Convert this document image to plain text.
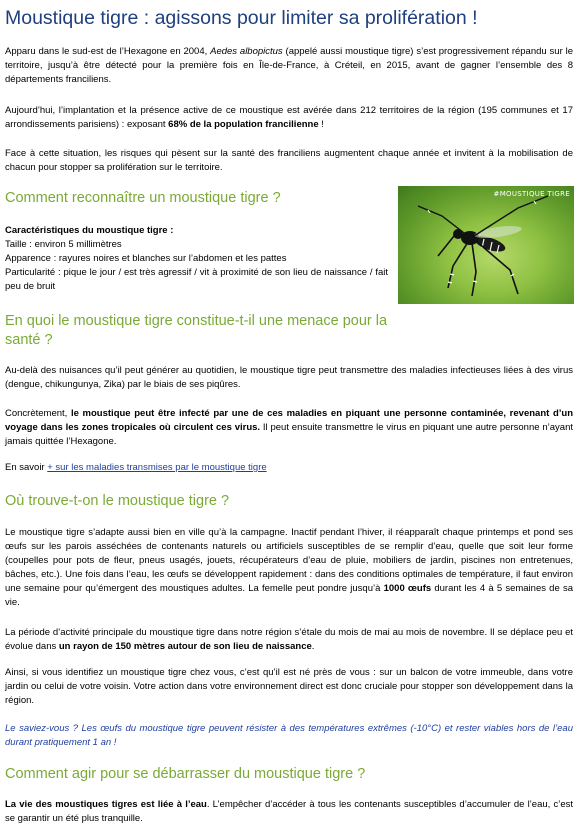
Moustique tigre : agissons pour limiter sa prolifération !

Apparu dans le sud-est de l’Hexagone en 2004, Aedes albopictus (appelé aussi moustique tigre) s’est progressivement répandu sur le territoire, jusqu’à être détecté pour la première fois en Île-de-France, à Créteil, en 2015, avant de gagner l’ensemble des 8 départements franciliens.

Aujourd’hui, l’implantation et la présence active de ce moustique est avérée dans 212 territoires de la région (195 communes et 17 arrondissements parisiens) : exposant 68% de la population francilienne !

Face à cette situation, les risques qui pèsent sur la santé des franciliens augmentent chaque année et invitent à la mobilisation de chacun pour stopper sa prolifération sur le territoire.

Comment reconnaître un moustique tigre ?

Caractéristiques du moustique tigre :
Taille : environ 5 millimètres
Apparence : rayures noires et blanches sur l’abdomen et les pattes
Particularité : pique le jour / est très agressif / vit à proximité de son lieu de naissance / fait peu de bruit

#MOUSTIQUE TIGRE
En quoi le moustique tigre constitue-t-il une menace pour la santé ?

Au-delà des nuisances qu’il peut générer au quotidien, le moustique tigre peut transmettre des maladies infectieuses liées à des virus (dengue, chikungunya, Zika) par le biais de ses piqûres.

Concrètement, le moustique peut être infecté par une de ces maladies en piquant une personne contaminée, revenant d’un voyage dans les zones tropicales où circulent ces virus. Il peut ensuite transmettre le virus en piquant une autre personne n’ayant jamais quittée l’Hexagone.

En savoir + sur les maladies transmises par le moustique tigre

Où trouve-t-on le moustique tigre ?

Le moustique tigre s’adapte aussi bien en ville qu’à la campagne. Inactif pendant l’hiver, il réapparaît chaque printemps et pond ses œufs sur les parois asséchées de contenants naturels ou artificiels susceptibles de se remplir d’eau, quelle que soit leur forme (coupelles pour pots de fleur, pneus usagés, jouets, récupérateurs d’eau de pluie, mobiliers de jardin, piscines non entretenues, bâches, etc.). Une fois dans l’eau, les œufs se développent rapidement : dans des conditions optimales de température, il faut environ une semaine pour qu’émergent des moustiques adultes. La femelle peut pondre jusqu’à 1000 œufs durant les 4 à 5 semaines de sa vie.

La période d’activité principale du moustique tigre dans notre région s’étale du mois de mai au mois de novembre. Il se déplace peu et évolue dans un rayon de 150 mètres autour de son lieu de naissance.

Ainsi, si vous identifiez un moustique tigre chez vous, c’est qu’il est né près de vous : sur un balcon de votre immeuble, dans votre jardin ou celui de votre voisin. Votre action dans votre environnement direct est donc cruciale pour stopper son développement dans la région.

Le saviez-vous ? Les œufs du moustique tigre peuvent résister à des températures extrêmes (-10°C) et rester viables hors de l’eau durant pratiquement 1 an !

Comment agir pour se débarrasser du moustique tigre ?

La vie des moustiques tigres est liée à l’eau. L’empêcher d’accéder à tous les contenants susceptibles d’accumuler de l’eau, c’est se garantir un été plus tranquille.
